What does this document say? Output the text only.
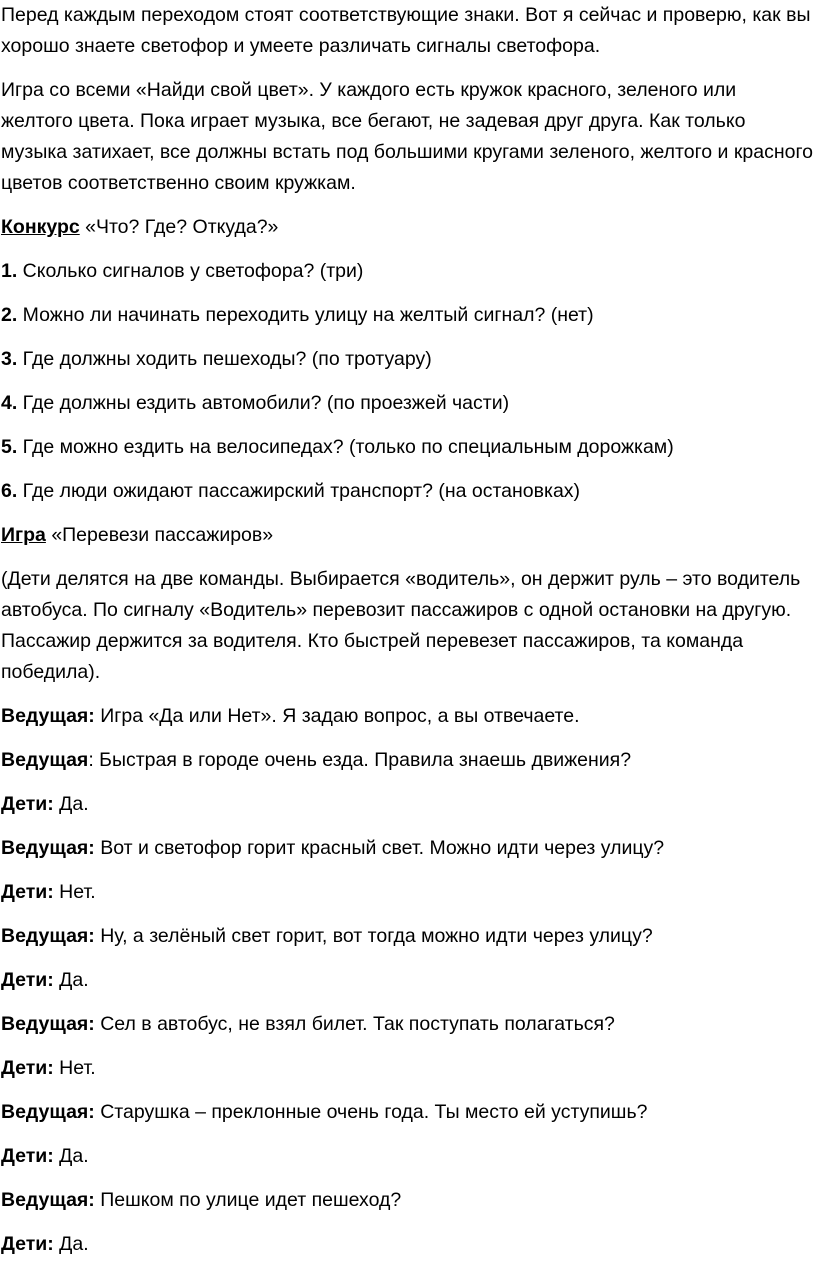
Перед каждым переходом стоят соответствующие знаки. Вот я сейчас и проверю, как вы хорошо знаете светофор и умеете различать сигналы светофора.

Игра со всеми «Найди свой цвет». У каждого есть кружок красного, зеленого или желтого цвета. Пока играет музыка, все бегают, не задевая друг друга. Как только музыка затихает, все должны встать под большими кругами зеленого, желтого и красного цветов соответственно своим кружкам.

Конкурс «Что? Где? Откуда?»

1. Сколько сигналов у светофора? (три)

2. Можно ли начинать переходить улицу на желтый сигнал? (нет)

3. Где должны ходить пешеходы? (по тротуару)

4. Где должны ездить автомобили? (по проезжей части)

5. Где можно ездить на велосипедах? (только по специальным дорожкам)

6. Где люди ожидают пассажирский транспорт? (на остановках)

Игра «Перевези пассажиров»

(Дети делятся на две команды. Выбирается «водитель», он держит руль – это водитель автобуса. По сигналу «Водитель» перевозит пассажиров с одной остановки на другую. Пассажир держится за водителя. Кто быстрей перевезет пассажиров, та команда победила).

Ведущая: Игра «Да или Нет». Я задаю вопрос, а вы отвечаете.

Ведущая: Быстрая в городе очень езда. Правила знаешь движения?

Дети: Да.

Ведущая: Вот и светофор горит красный свет. Можно идти через улицу?

Дети: Нет.

Ведущая: Ну, а зелёный свет горит, вот тогда можно идти через улицу?

Дети: Да.

Ведущая: Сел в автобус, не взял билет. Так поступать полагаться?

Дети: Нет.

Ведущая: Старушка – преклонные очень года. Ты место ей уступишь?

Дети: Да.

Ведущая: Пешком по улице идет пешеход?

Дети: Да.
